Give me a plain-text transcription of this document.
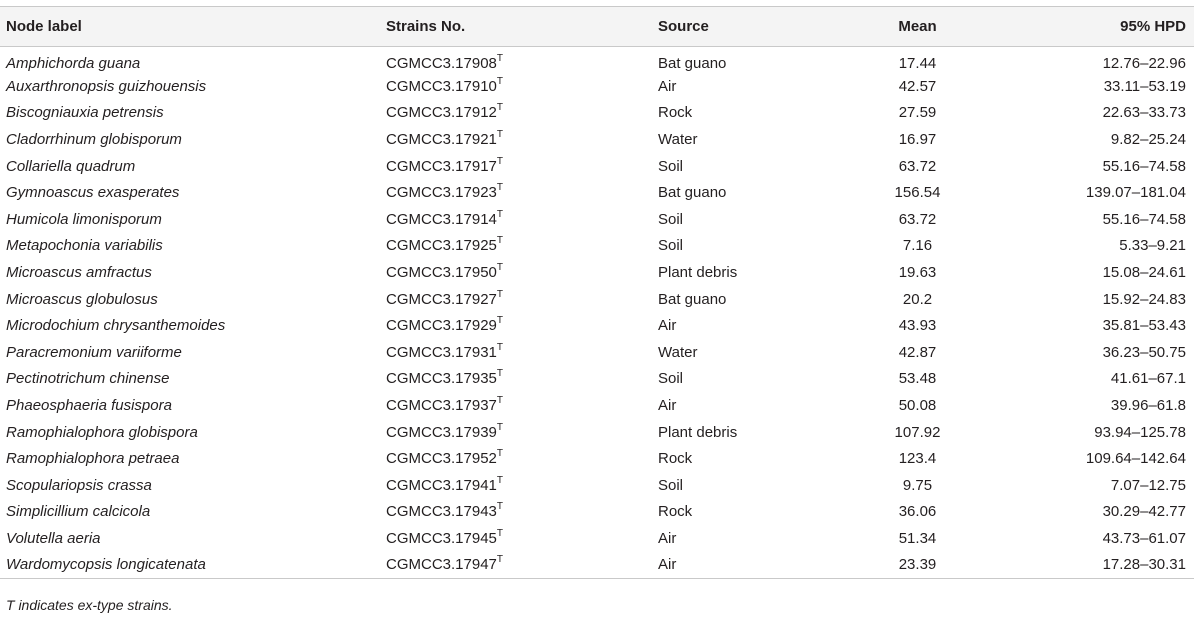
Node label	Strains No.	Source	Mean	95% HPD
Amphichorda guana	$CGMCC3.17908^T$	Bat guano	17.44	12.76–22.96
Auxarthronopsis guizhouensis	$CGMCC3.17910^T$	Air	42.57	33.11–53.19
Biscogniauxia petrensis	$CGMCC3.17912^T$	Rock	27.59	22.63–33.73
Cladorrhinum globisporum	$CGMCC3.17921^T$	Water	16.97	9.82–25.24
Collariella quadrum	$CGMCC3.17917^T$	Soil	63.72	55.16–74.58
Gymnoascus exasperates	$CGMCC3.17923^T$	Bat guano	156.54	139.07–181.04
Humicola limonisporum	$CGMCC3.17914^T$	Soil	63.72	55.16–74.58
Metapochonia variabilis	$CGMCC3.17925^T$	Soil	7.16	5.33–9.21
Microascus amfractus	$CGMCC3.17950^T$	Plant debris	19.63	15.08–24.61
Microascus globulosus	$CGMCC3.17927^T$	Bat guano	20.2	15.92–24.83
Microdochium chrysanthemoides	$CGMCC3.17929^T$	Air	43.93	35.81–53.43
Paracremonium variiforme	$CGMCC3.17931^T$	Water	42.87	36.23–50.75
Pectinotrichum chinense	$CGMCC3.17935^T$	Soil	53.48	41.61–67.1
Phaeosphaeria fusispora	$CGMCC3.17937^T$	Air	50.08	39.96–61.8
Ramophialophora globispora	$CGMCC3.17939^T$	Plant debris	107.92	93.94–125.78
Ramophialophora petraea	$CGMCC3.17952^T$	Rock	123.4	109.64–142.64
Scopulariopsis crassa	$CGMCC3.17941^T$	Soil	9.75	7.07–12.75
Simplicillium calcicola	$CGMCC3.17943^T$	Rock	36.06	30.29–42.77
Volutella aeria	$CGMCC3.17945^T$	Air	51.34	43.73–61.07
Wardomycopsis longicatenata	$CGMCC3.17947^T$	Air	23.39	17.28–30.31
T indicates ex-type strains.
